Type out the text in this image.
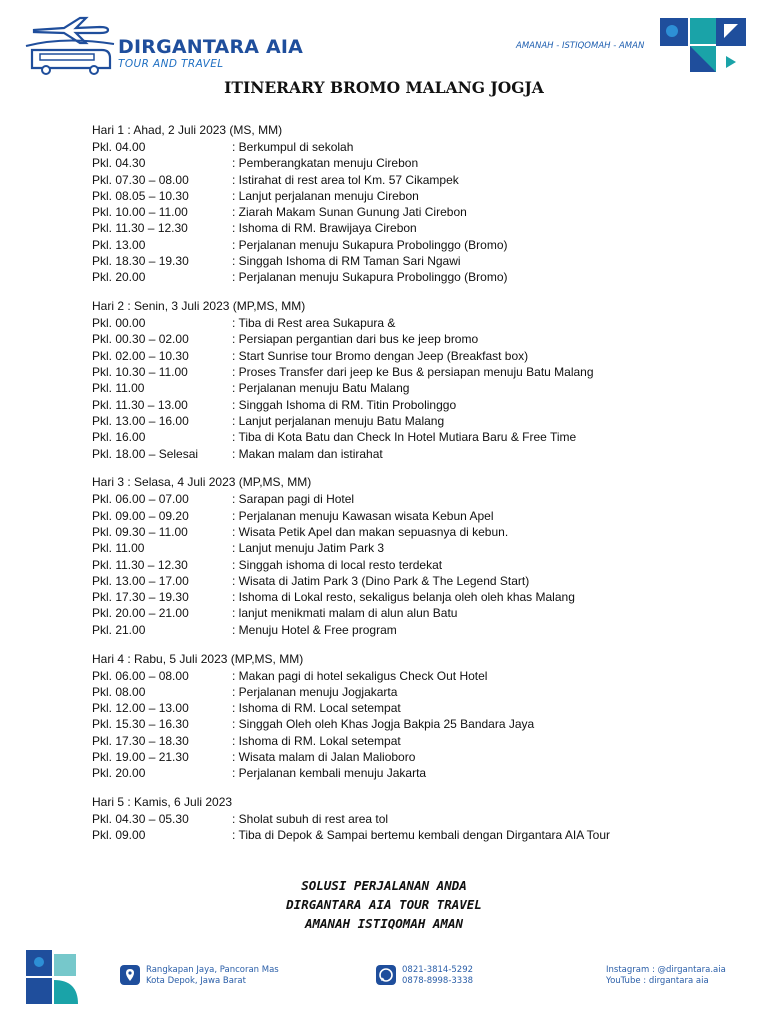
DIRGANTARA AIA
TOUR AND TRAVEL
AMANAH - ISTIQOMAH - AMAN
ITINERARY BROMO MALANG JOGJA
Hari 1 : Ahad, 2 Juli 2023 (MS, MM)
Pkl. 04.00	: Berkumpul di sekolah
Pkl. 04.30	: Pemberangkatan menuju Cirebon
Pkl. 07.30 – 08.00	: Istirahat di rest area tol Km. 57 Cikampek
Pkl. 08.05 – 10.30	: Lanjut perjalanan menuju Cirebon
Pkl. 10.00 – 11.00	: Ziarah Makam Sunan Gunung Jati Cirebon
Pkl. 11.30 – 12.30	: Ishoma di RM. Brawijaya Cirebon
Pkl. 13.00	: Perjalanan menuju Sukapura Probolinggo (Bromo)
Pkl. 18.30 – 19.30	: Singgah Ishoma di RM Taman Sari Ngawi
Pkl. 20.00	: Perjalanan menuju Sukapura Probolinggo (Bromo)
Hari 2 : Senin, 3 Juli 2023 (MP,MS, MM)
Pkl. 00.00	: Tiba di Rest area Sukapura &
Pkl. 00.30 – 02.00	: Persiapan pergantian dari bus ke jeep bromo
Pkl. 02.00 – 10.30	: Start Sunrise tour Bromo dengan Jeep (Breakfast box)
Pkl. 10.30 – 11.00	: Proses Transfer dari jeep ke Bus & persiapan menuju Batu Malang
Pkl. 11.00	: Perjalanan menuju Batu Malang
Pkl. 11.30 – 13.00	: Singgah Ishoma di RM. Titin Probolinggo
Pkl. 13.00 – 16.00	: Lanjut perjalanan menuju Batu Malang
Pkl. 16.00	: Tiba di Kota Batu dan Check In Hotel Mutiara Baru & Free Time
Pkl. 18.00 – Selesai	: Makan malam dan istirahat
Hari 3 : Selasa, 4 Juli 2023 (MP,MS, MM)
Pkl. 06.00 – 07.00	: Sarapan pagi di Hotel
Pkl. 09.00 – 09.20	: Perjalanan menuju Kawasan wisata Kebun Apel
Pkl. 09.30 – 11.00	: Wisata Petik Apel dan makan sepuasnya di kebun.
Pkl. 11.00	: Lanjut menuju Jatim Park 3
Pkl. 11.30 – 12.30	: Singgah ishoma di local resto terdekat
Pkl. 13.00 – 17.00	: Wisata di Jatim Park 3 (Dino Park & The Legend Start)
Pkl. 17.30 – 19.30	: Ishoma di Lokal resto, sekaligus belanja oleh oleh khas Malang
Pkl. 20.00 – 21.00	: lanjut menikmati malam di alun alun Batu
Pkl. 21.00	: Menuju Hotel & Free program
Hari 4 : Rabu, 5 Juli 2023 (MP,MS, MM)
Pkl. 06.00 – 08.00	: Makan pagi di hotel sekaligus Check Out Hotel
Pkl. 08.00	: Perjalanan menuju Jogjakarta
Pkl. 12.00 – 13.00	: Ishoma di RM. Local setempat
Pkl. 15.30 – 16.30	: Singgah Oleh oleh Khas Jogja Bakpia 25 Bandara Jaya
Pkl. 17.30 – 18.30	: Ishoma di RM. Lokal setempat
Pkl. 19.00 – 21.30	: Wisata malam di Jalan Malioboro
Pkl. 20.00	: Perjalanan kembali menuju Jakarta
Hari 5 : Kamis, 6 Juli 2023
Pkl. 04.30 – 05.30	: Sholat subuh di rest area tol
Pkl. 09.00	: Tiba di Depok & Sampai bertemu kembali dengan Dirgantara AIA Tour
SOLUSI PERJALANAN ANDA
DIRGANTARA AIA TOUR TRAVEL
AMANAH ISTIQOMAH AMAN
Rangkapan Jaya, Pancoran Mas
Kota Depok, Jawa Barat
0821-3814-5292
0878-8998-3338
Instagram : @dirgantara.aia
YouTube : dirgantara aia
